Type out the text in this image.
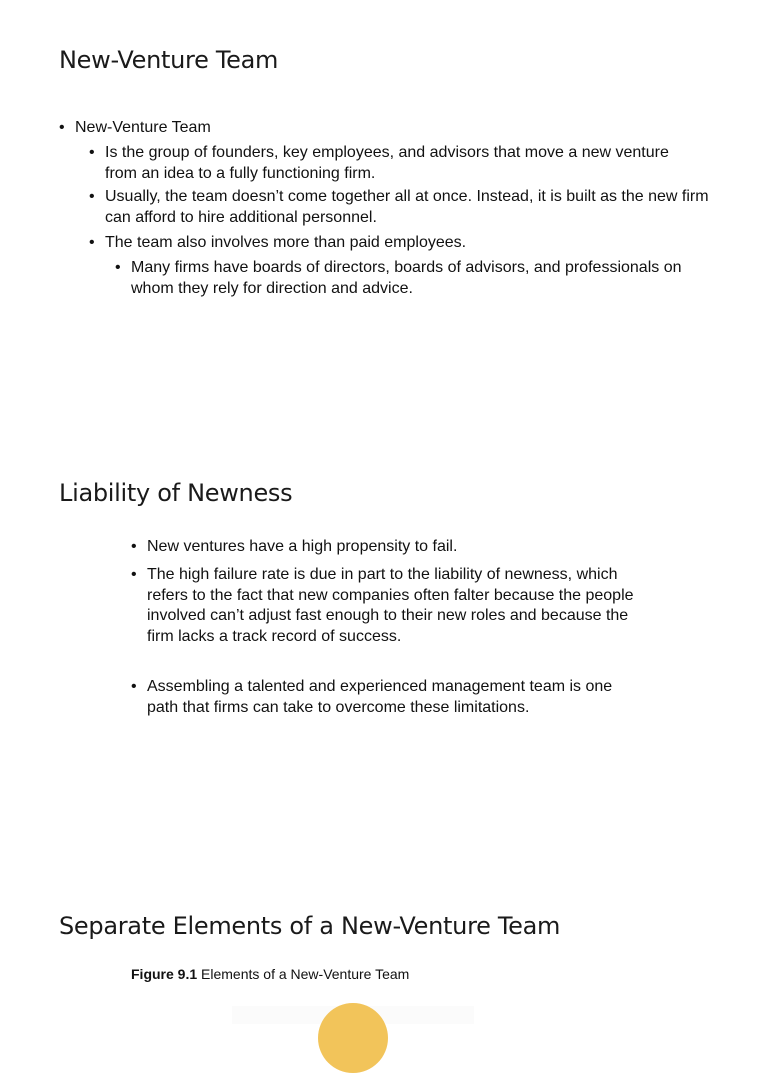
New-Venture Team
• New-Venture Team
• Is the group of founders, key employees, and advisors that move a new venture from an idea to a fully functioning firm.
• Usually, the team doesn’t come together all at once. Instead, it is built as the new firm can afford to hire additional personnel.
• The team also involves more than paid employees.
• Many firms have boards of directors, boards of advisors, and professionals on whom they rely for direction and advice.
Liability of Newness
• New ventures have a high propensity to fail.
• The high failure rate is due in part to the liability of newness, which refers to the fact that new companies often falter because the people involved can’t adjust fast enough to their new roles and because the firm lacks a track record of success.
• Assembling a talented and experienced management team is one path that firms can take to overcome these limitations.
Separate Elements of a New-Venture Team
Figure 9.1 Elements of a New-Venture Team
